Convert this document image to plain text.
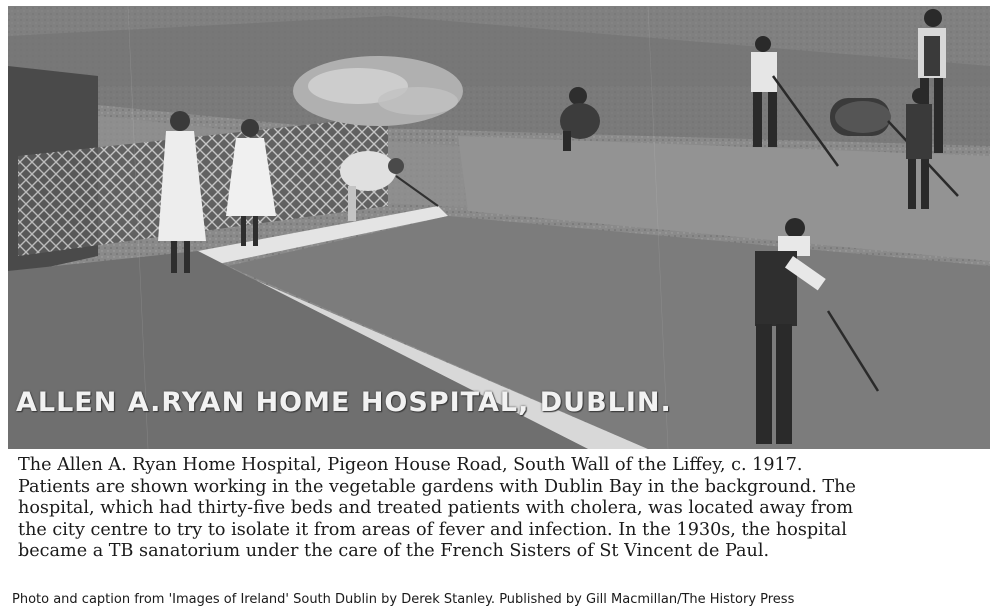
ALLEN A.RYAN HOME HOSPITAL, DUBLIN.
The Allen A. Ryan Home Hospital, Pigeon House Road, South Wall of the Liffey, c. 1917.
Patients are shown working in the vegetable gardens with Dublin Bay in the background. The
hospital, which had thirty-five beds and treated patients with cholera, was located away from
the city centre to try to isolate it from areas of fever and infection. In the 1930s, the hospital
became a TB sanatorium under the care of the French Sisters of St Vincent de Paul.
Photo and caption from 'Images of Ireland' South Dublin by Derek Stanley. Published by Gill Macmillan/The History Press
